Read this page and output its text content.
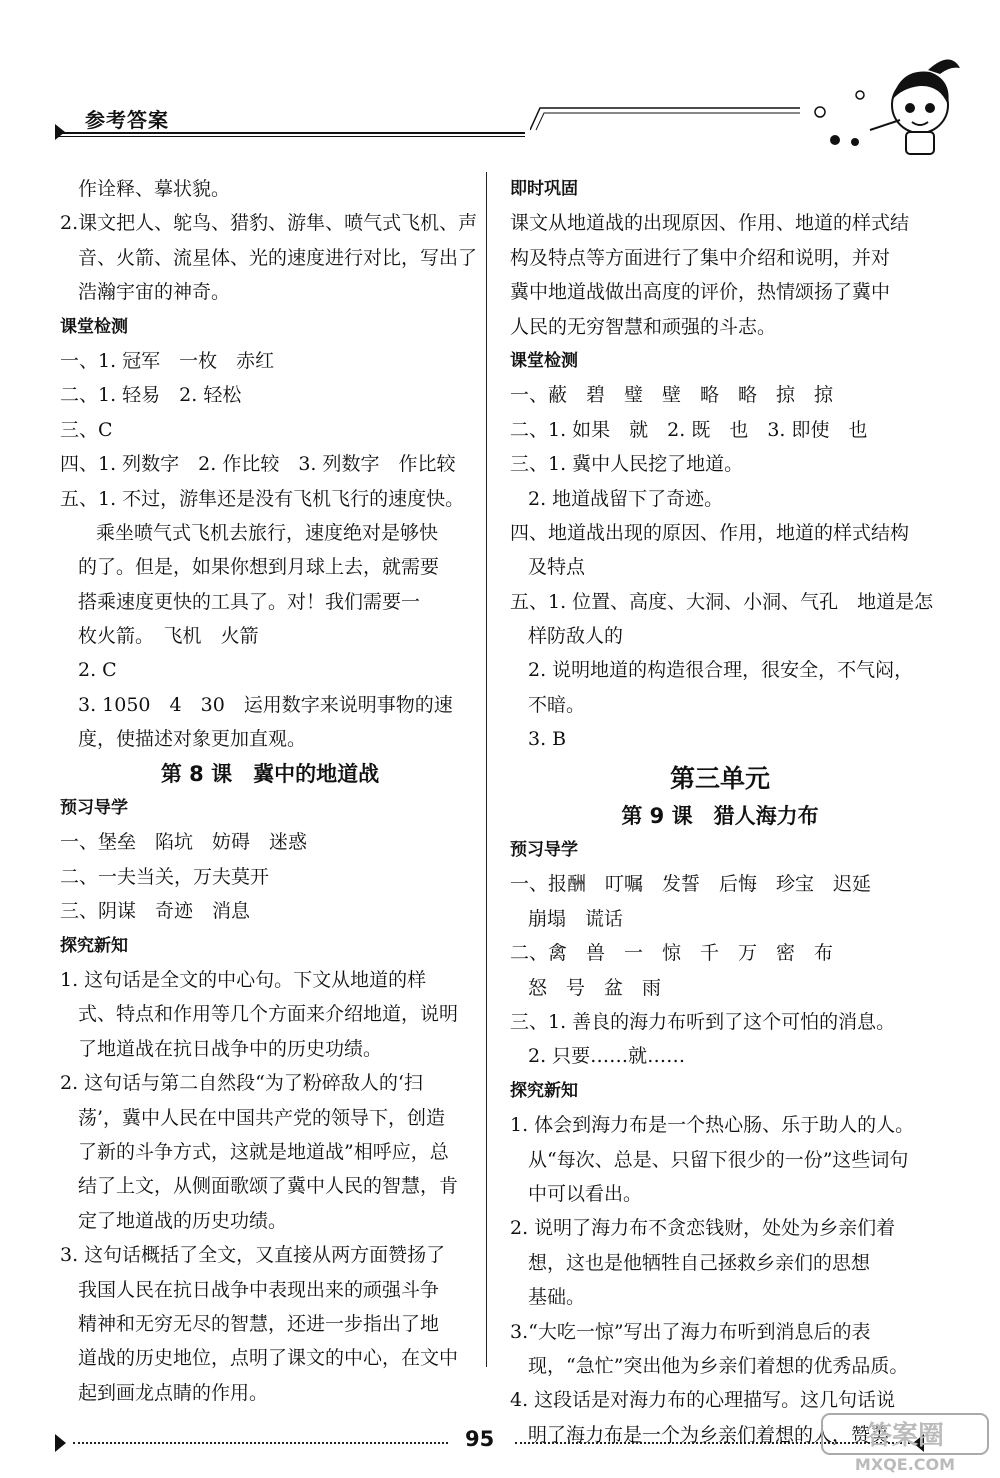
参考答案
作诠释、摹状貌。
2.课文把人、鸵鸟、猎豹、游隼、喷气式飞机、声
音、火箭、流星体、光的速度进行对比，写出了
浩瀚宇宙的神奇。
课堂检测
一、1. 冠军　一枚　赤红
二、1. 轻易　2. 轻松
三、C
四、1. 列数字　2. 作比较　3. 列数字　作比较
五、1. 不过，游隼还是没有飞机飞行的速度快。
乘坐喷气式飞机去旅行，速度绝对是够快
的了。但是，如果你想到月球上去，就需要
搭乘速度更快的工具了。对！我们需要一
枚火箭。　飞机　火箭
2. C
3. 1050　4　30　运用数字来说明事物的速
度，使描述对象更加直观。
第 8 课　冀中的地道战
预习导学
一、堡垒　陷坑　妨碍　迷惑
二、一夫当关，万夫莫开
三、阴谋　奇迹　消息
探究新知
1. 这句话是全文的中心句。下文从地道的样
式、特点和作用等几个方面来介绍地道，说明
了地道战在抗日战争中的历史功绩。
2. 这句话与第二自然段“为了粉碎敌人的‘扫
荡’，冀中人民在中国共产党的领导下，创造
了新的斗争方式，这就是地道战”相呼应，总
结了上文，从侧面歌颂了冀中人民的智慧，肯
定了地道战的历史功绩。
3. 这句话概括了全文，又直接从两方面赞扬了
我国人民在抗日战争中表现出来的顽强斗争
精神和无穷无尽的智慧，还进一步指出了地
道战的历史地位，点明了课文的中心，在文中
起到画龙点睛的作用。
即时巩固
课文从地道战的出现原因、作用、地道的样式结
构及特点等方面进行了集中介绍和说明，并对
冀中地道战做出高度的评价，热情颂扬了冀中
人民的无穷智慧和顽强的斗志。
课堂检测
一、蔽　碧　璧　壁　略　略　掠　掠
二、1. 如果　就　2. 既　也　3. 即使　也
三、1. 冀中人民挖了地道。
2. 地道战留下了奇迹。
四、地道战出现的原因、作用，地道的样式结构
及特点
五、1. 位置、高度、大洞、小洞、气孔　地道是怎
样防敌人的
2. 说明地道的构造很合理，很安全，不气闷，
不暗。
3. B
第三单元
第 9 课　猎人海力布
预习导学
一、报酬　叮嘱　发誓　后悔　珍宝　迟延
崩塌　谎话
二、禽　兽　一　惊　千　万　密　布
怒　号　盆　雨
三、1. 善良的海力布听到了这个可怕的消息。
2. 只要……就……
探究新知
1. 体会到海力布是一个热心肠、乐于助人的人。
从“每次、总是、只留下很少的一份”这些词句
中可以看出。
2. 说明了海力布不贪恋钱财，处处为乡亲们着
想，这也是他牺牲自己拯救乡亲们的思想
基础。
3.“大吃一惊”写出了海力布听到消息后的表
现，“急忙”突出他为乡亲们着想的优秀品质。
4. 这段话是对海力布的心理描写。这几句话说
明了海力布是一个为乡亲们着想的人，赞美
95	答案圈
MXQE.COM
